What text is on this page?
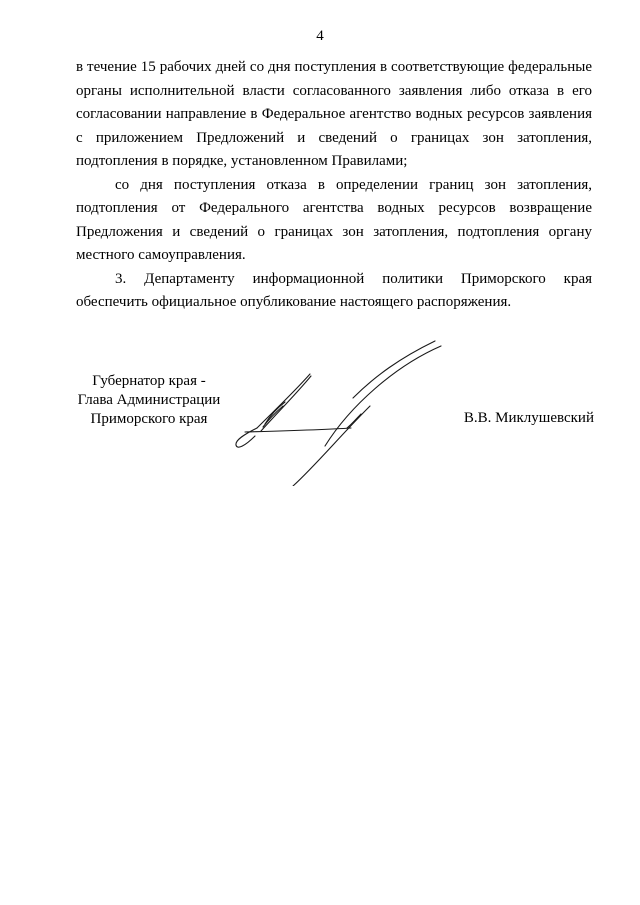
4

в течение 15 рабочих дней со дня поступления в соответствующие федеральные органы исполнительной власти согласованного заявления либо отказа в его согласовании направление в Федеральное агентство водных ресурсов заявления с приложением Предложений и сведений о границах зон затопления, подтопления в порядке, установленном Правилами;

со дня поступления отказа в определении границ зон затопления, подтопления от Федерального агентства водных ресурсов возвращение Предложения и сведений о границах зон затопления, подтопления органу местного самоуправления.

3. Департаменту информационной политики Приморского края обеспечить официальное опубликование настоящего распоряжения.

Губернатор края -
Глава Администрации
Приморского края	В.В. Миклушевский
